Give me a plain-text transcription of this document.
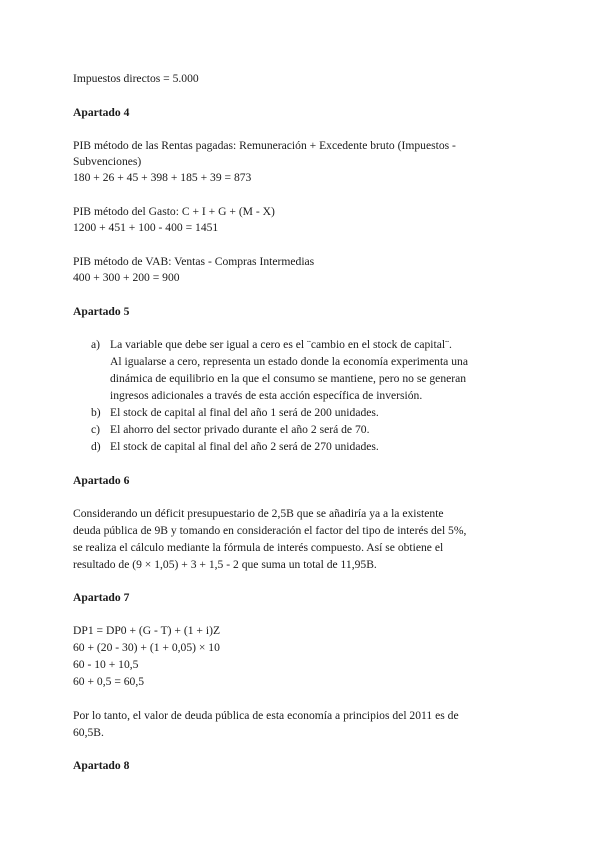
Impuestos directos = 5.000
Apartado 4
PIB método de las Rentas pagadas: Remuneración + Excedente bruto (Impuestos -
Subvenciones)
180 + 26 + 45 + 398 + 185 + 39 = 873
PIB método del Gasto: C + I + G + (M - X)
1200 + 451 + 100 - 400 = 1451
PIB método de VAB: Ventas - Compras Intermedias
400 + 300 + 200 = 900
Apartado 5
a) La variable que debe ser igual a cero es el ¨cambio en el stock de capital¨.
Al igualarse a cero, representa un estado donde la economía experimenta una
dinámica de equilibrio en la que el consumo se mantiene, pero no se generan
ingresos adicionales a través de esta acción específica de inversión.
b) El stock de capital al final del año 1 será de 200 unidades.
c) El ahorro del sector privado durante el año 2 será de 70.
d) El stock de capital al final del año 2 será de 270 unidades.
Apartado 6
Considerando un déficit presupuestario de 2,5B que se añadiría ya a la existente
deuda pública de 9B y tomando en consideración el factor del tipo de interés del 5%,
se realiza el cálculo mediante la fórmula de interés compuesto. Así se obtiene el
resultado de (9 × 1,05) + 3 + 1,5 - 2 que suma un total de 11,95B.
Apartado 7
DP1 = DP0 + (G - T) + (1 + i)Z
60 + (20 - 30) + (1 + 0,05) × 10
60 - 10 + 10,5
60 + 0,5 = 60,5
Por lo tanto, el valor de deuda pública de esta economía a principios del 2011 es de
60,5B.
Apartado 8
